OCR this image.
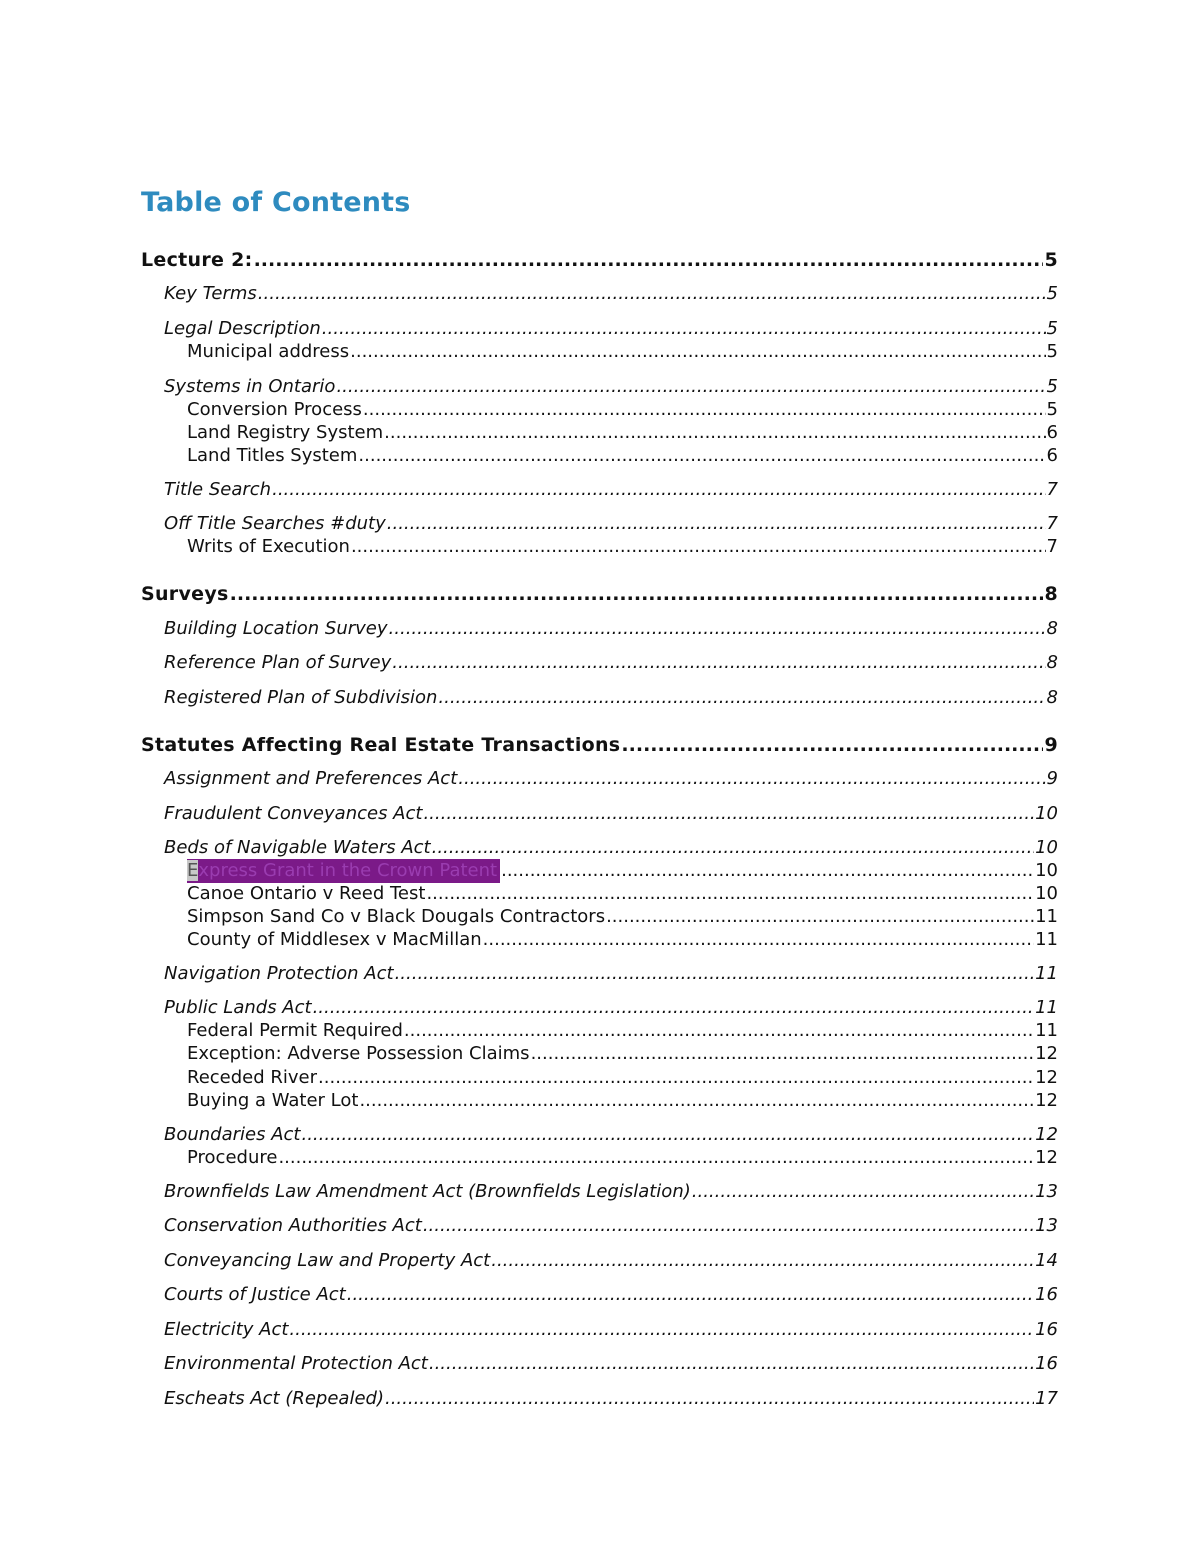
Table of Contents
Lecture 2: .....	5
Key Terms .....	5
Legal Description .....	5
Municipal address .....	5
Systems in Ontario .....	5
Conversion Process .....	5
Land Registry System .....	6
Land Titles System .....	6
Title Search .....	7
Off Title Searches #duty .....	7
Writs of Execution .....	7
Surveys .....	8
Building Location Survey .....	8
Reference Plan of Survey .....	8
Registered Plan of Subdivision .....	8
Statutes Affecting Real Estate Transactions .....	9
Assignment and Preferences Act .....	9
Fraudulent Conveyances Act .....	10
Beds of Navigable Waters Act .....	10
Express Grant in the Crown Patent .....	10
Canoe Ontario v Reed Test .....	10
Simpson Sand Co v Black Dougals Contractors .....	11
County of Middlesex v MacMillan .....	11
Navigation Protection Act .....	11
Public Lands Act .....	11
Federal Permit Required .....	11
Exception: Adverse Possession Claims .....	12
Receded River .....	12
Buying a Water Lot .....	12
Boundaries Act .....	12
Procedure .....	12
Brownfields Law Amendment Act (Brownfields Legislation) .....	13
Conservation Authorities Act .....	13
Conveyancing Law and Property Act .....	14
Courts of Justice Act .....	16
Electricity Act .....	16
Environmental Protection Act .....	16
Escheats Act (Repealed) .....	17
